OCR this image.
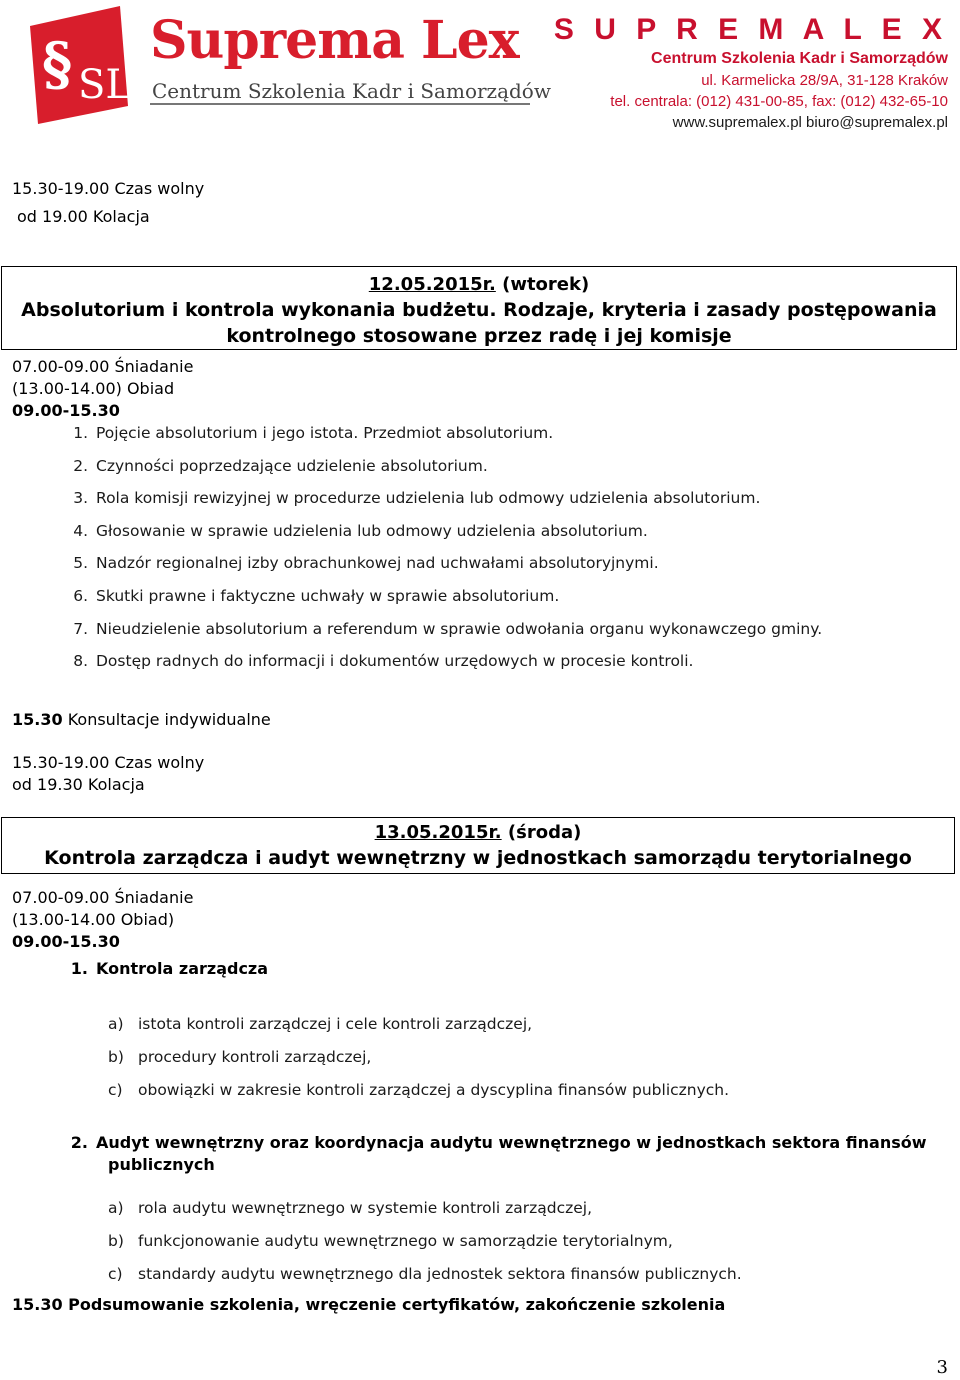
§ SL
Suprema Lex
Centrum Szkolenia Kadr i Samorządów
S U P R E M A L E X
Centrum Szkolenia Kadr i Samorządów
ul. Karmelicka 28/9A, 31-128 Kraków
tel. centrala: (012) 431-00-85, fax: (012) 432-65-10
www.supremalex.pl biuro@supremalex.pl
15.30-19.00 Czas wolny
od 19.00 Kolacja
12.05.2015r. (wtorek)
Absolutorium i kontrola wykonania budżetu. Rodzaje, kryteria i zasady postępowania
kontrolnego stosowane przez radę i jej komisje
07.00-09.00 Śniadanie
(13.00-14.00) Obiad
09.00-15.30
1. Pojęcie absolutorium i jego istota. Przedmiot absolutorium.
2. Czynności poprzedzające udzielenie absolutorium.
3. Rola komisji rewizyjnej w procedurze udzielenia lub odmowy udzielenia absolutorium.
4. Głosowanie w sprawie udzielenia lub odmowy udzielenia absolutorium.
5. Nadzór regionalnej izby obrachunkowej nad uchwałami absolutoryjnymi.
6. Skutki prawne i faktyczne uchwały w sprawie absolutorium.
7. Nieudzielenie absolutorium a referendum w sprawie odwołania organu wykonawczego gminy.
8. Dostęp radnych do informacji i dokumentów urzędowych w procesie kontroli.
15.30 Konsultacje indywidualne
15.30-19.00 Czas wolny
od 19.30 Kolacja
13.05.2015r. (środa)
Kontrola zarządcza i audyt wewnętrzny w jednostkach samorządu terytorialnego
07.00-09.00 Śniadanie
(13.00-14.00 Obiad)
09.00-15.30
1. Kontrola zarządcza
a) istota kontroli zarządczej i cele kontroli zarządczej,
b) procedury kontroli zarządczej,
c) obowiązki w zakresie kontroli zarządczej a dyscyplina finansów publicznych.
2. Audyt wewnętrzny oraz koordynacja audytu wewnętrznego w jednostkach sektora finansów
publicznych
a) rola audytu wewnętrznego w systemie kontroli zarządczej,
b) funkcjonowanie audytu wewnętrznego w samorządzie terytorialnym,
c) standardy audytu wewnętrznego dla jednostek sektora finansów publicznych.
15.30 Podsumowanie szkolenia, wręczenie certyfikatów, zakończenie szkolenia
3
